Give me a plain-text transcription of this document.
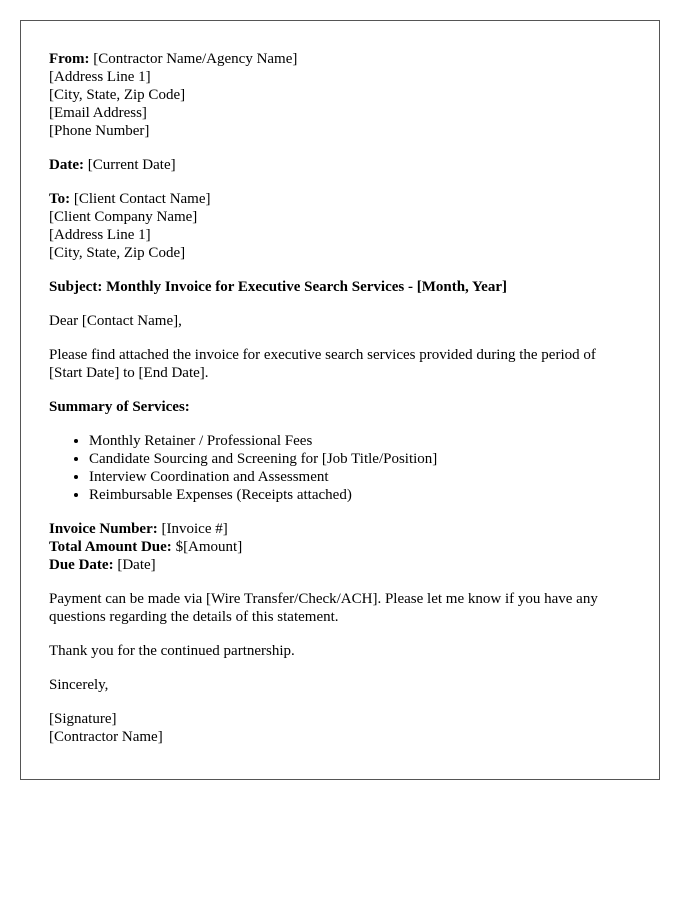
From: [Contractor Name/Agency Name]
[Address Line 1]
[City, State, Zip Code]
[Email Address]
[Phone Number]
Date: [Current Date]
To: [Client Contact Name]
[Client Company Name]
[Address Line 1]
[City, State, Zip Code]
Subject: Monthly Invoice for Executive Search Services - [Month, Year]
Dear [Contact Name],
Please find attached the invoice for executive search services provided during the period of [Start Date] to [End Date].
Summary of Services:
• Monthly Retainer / Professional Fees
• Candidate Sourcing and Screening for [Job Title/Position]
• Interview Coordination and Assessment
• Reimbursable Expenses (Receipts attached)
Invoice Number: [Invoice #]
Total Amount Due: $[Amount]
Due Date: [Date]
Payment can be made via [Wire Transfer/Check/ACH]. Please let me know if you have any questions regarding the details of this statement.
Thank you for the continued partnership.
Sincerely,
[Signature]
[Contractor Name]
